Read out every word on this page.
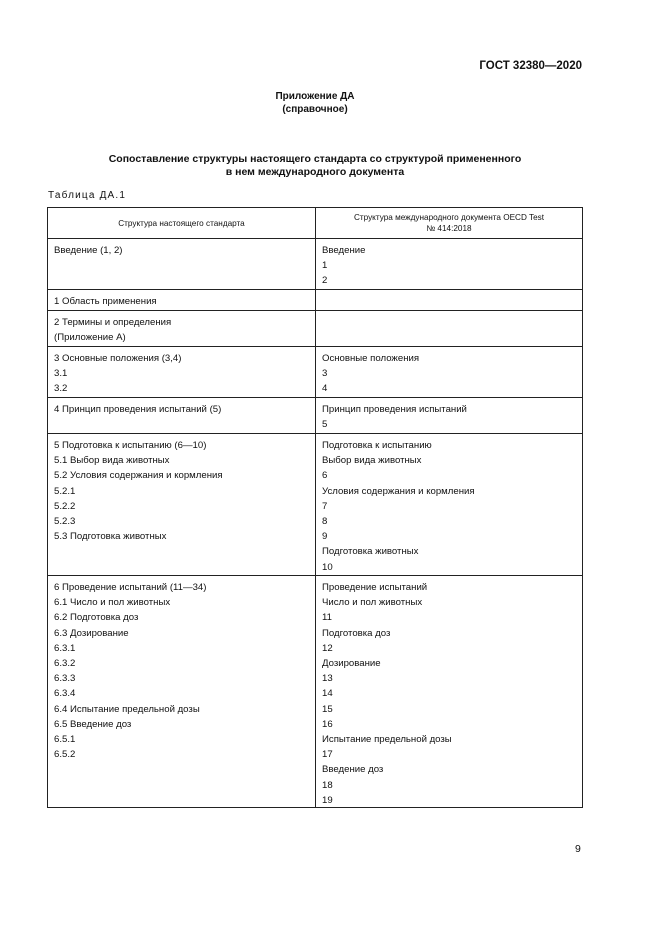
ГОСТ 32380—2020
Приложение ДА
(справочное)
Сопоставление структуры настоящего стандарта со структурой примененного
в нем международного документа
Таблица ДА.1
Структура настоящего стандарта
Структура международного документа OECD Test
№ 414:2018
Введение (1, 2)	Введение
1
2
1 Область применения
2 Термины и определения
(Приложение А)
3 Основные положения (3,4)
3.1
3.2
Основные положения
3
4
4 Принцип проведения испытаний (5)	Принцип проведения испытаний
5
5 Подготовка к испытанию (6—10)
5.1 Выбор вида животных
5.2 Условия содержания и кормления
5.2.1
5.2.2
5.2.3
5.3 Подготовка животных
Подготовка к испытанию
Выбор вида животных
6
Условия содержания и кормления
7
8
9
Подготовка животных
10
6 Проведение испытаний (11—34)
6.1 Число и пол животных
6.2 Подготовка доз
6.3 Дозирование
6.3.1
6.3.2
6.3.3
6.3.4
6.4 Испытание предельной дозы
6.5 Введение доз
6.5.1
6.5.2
Проведение испытаний
Число и пол животных
11
Подготовка доз
12
Дозирование
13
14
15
16
Испытание предельной дозы
17
Введение доз
18
19
9
